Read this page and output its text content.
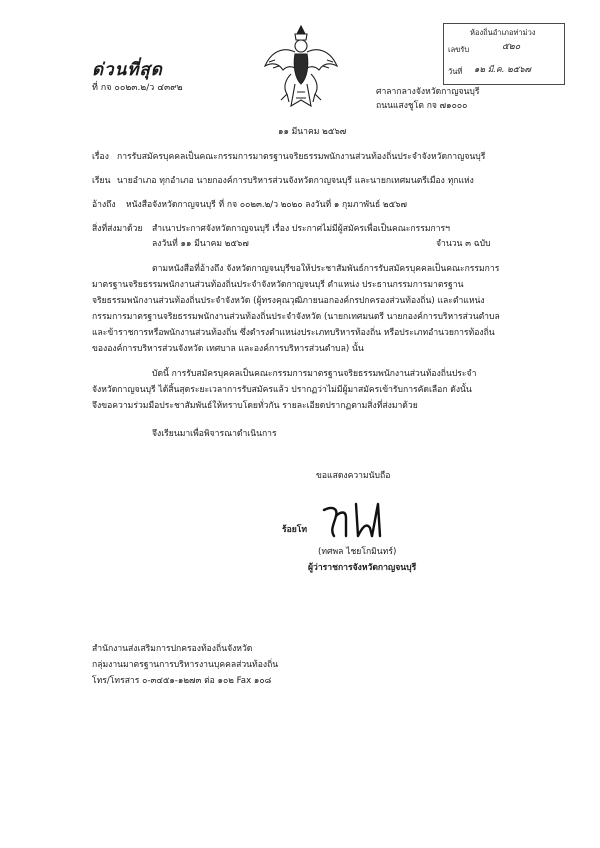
ด่วนที่สุด
ที่ กจ ๐๐๒๓.๒/ว ๔๓๙๒
ห้องถิ่นอำเภอท่าม่วง
เลขรับ	๕๒๐
วันที่ ๑๒ มี.ค. ๒๕๖๗
ศาลากลางจังหวัดกาญจนบุรี
ถนนแสงชูโต กจ ๗๑๐๐๐
๑๑ มีนาคม ๒๕๖๗
เรื่อง การรับสมัครบุคคลเป็นคณะกรรมการมาตรฐานจริยธรรมพนักงานส่วนท้องถิ่นประจำจังหวัดกาญจนบุรี
เรียน นายอำเภอ ทุกอำเภอ นายกองค์การบริหารส่วนจังหวัดกาญจนบุรี และนายกเทศมนตรีเมือง ทุกแห่ง
อ้างถึง หนังสือจังหวัดกาญจนบุรี ที่ กจ ๐๐๒๓.๒/ว ๒๐๒๐ ลงวันที่ ๑ กุมภาพันธ์ ๒๕๖๗
สิ่งที่ส่งมาด้วย สำเนาประกาศจังหวัดกาญจนบุรี เรื่อง ประกาศไม่มีผู้สมัครเพื่อเป็นคณะกรรมการฯ
ลงวันที่ ๑๑ มีนาคม ๒๕๖๗	จำนวน ๓ ฉบับ
ตามหนังสือที่อ้างถึง จังหวัดกาญจนบุรีขอให้ประชาสัมพันธ์การรับสมัครบุคคลเป็นคณะกรรมการ
มาตรฐานจริยธรรมพนักงานส่วนท้องถิ่นประจำจังหวัดกาญจนบุรี ตำแหน่ง ประธานกรรมการมาตรฐาน
จริยธรรมพนักงานส่วนท้องถิ่นประจำจังหวัด (ผู้ทรงคุณวุฒิภายนอกองค์กรปกครองส่วนท้องถิ่น) และตำแหน่ง
กรรมการมาตรฐานจริยธรรมพนักงานส่วนท้องถิ่นประจำจังหวัด (นายกเทศมนตรี นายกองค์การบริหารส่วนตำบล
และข้าราชการหรือพนักงานส่วนท้องถิ่น ซึ่งดำรงตำแหน่งประเภทบริหารท้องถิ่น หรือประเภทอำนวยการท้องถิ่น
ขององค์การบริหารส่วนจังหวัด เทศบาล และองค์การบริหารส่วนตำบล) นั้น
บัดนี้ การรับสมัครบุคคลเป็นคณะกรรมการมาตรฐานจริยธรรมพนักงานส่วนท้องถิ่นประจำ
จังหวัดกาญจนบุรี ได้สิ้นสุดระยะเวลาการรับสมัครแล้ว ปรากฏว่าไม่มีผู้มาสมัครเข้ารับการคัดเลือก ดังนั้น
จึงขอความร่วมมือประชาสัมพันธ์ให้ทราบโดยทั่วกัน รายละเอียดปรากฏตามสิ่งที่ส่งมาด้วย
จึงเรียนมาเพื่อพิจารณาดำเนินการ
ขอแสดงความนับถือ
ร้อยโท
(ทศพล ไชยโกมินทร์)
ผู้ว่าราชการจังหวัดกาญจนบุรี
สำนักงานส่งเสริมการปกครองท้องถิ่นจังหวัด
กลุ่มงานมาตรฐานการบริหารงานบุคคลส่วนท้องถิ่น
โทร/โทรสาร ๐-๓๔๕๑-๑๒๗๓ ต่อ ๑๐๒ Fax ๑๐๘
